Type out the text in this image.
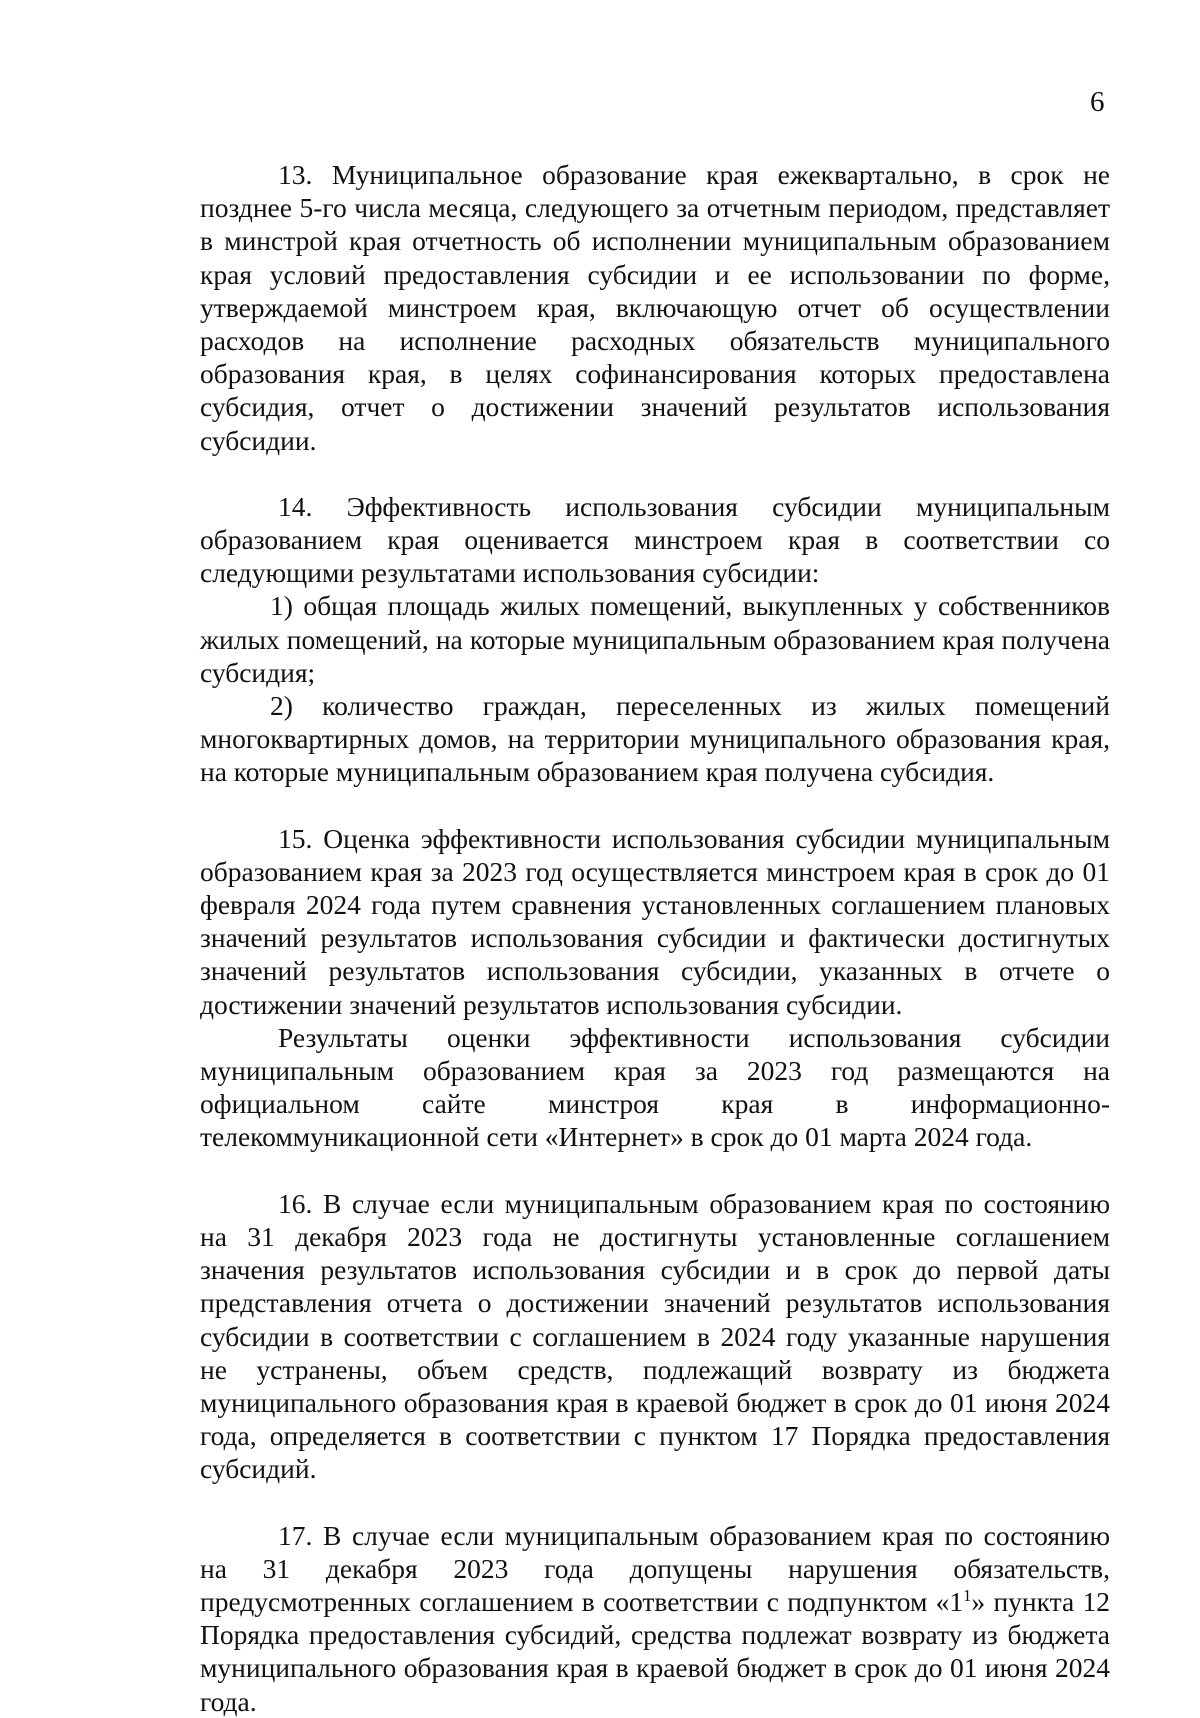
6

13. Муниципальное образование края ежеквартально, в срок не позднее 5-го числа месяца, следующего за отчетным периодом, представляет в минстрой края отчетность об исполнении муниципальным образованием края условий предоставления субсидии и ее использовании по форме, утверждаемой минстроем края, включающую отчет об осуществлении расходов на исполнение расходных обязательств муниципального образования края, в целях софинансирования которых предоставлена субсидия, отчет о достижении значений результатов использования субсидии.

14. Эффективность использования субсидии муниципальным образованием края оценивается минстроем края в соответствии со следующими результатами использования субсидии:

1) общая площадь жилых помещений, выкупленных у собственников жилых помещений, на которые муниципальным образованием края получена субсидия;

2) количество граждан, переселенных из жилых помещений многоквартирных домов, на территории муниципального образования края, на которые муниципальным образованием края получена субсидия.

15. Оценка эффективности использования субсидии муниципальным образованием края за 2023 год осуществляется минстроем края в срок до 01 февраля 2024 года путем сравнения установленных соглашением плановых значений результатов использования субсидии и фактически достигнутых значений результатов использования субсидии, указанных в отчете о достижении значений результатов использования субсидии.

Результаты оценки эффективности использования субсидии муниципальным образованием края за 2023 год размещаются на официальном сайте минстроя края в информационно-телекоммуникационной сети «Интернет» в срок до 01 марта 2024 года.

16. В случае если муниципальным образованием края по состоянию на 31 декабря 2023 года не достигнуты установленные соглашением значения результатов использования субсидии и в срок до первой даты представления отчета о достижении значений результатов использования субсидии в соответствии с соглашением в 2024 году указанные нарушения не устранены, объем средств, подлежащий возврату из бюджета муниципального образования края в краевой бюджет в срок до 01 июня 2024 года, определяется в соответствии с пунктом 17 Порядка предоставления субсидий.

17. В случае если муниципальным образованием края по состоянию на 31 декабря 2023 года допущены нарушения обязательств, предусмотренных соглашением в соответствии с подпунктом «$1^1$» пункта 12 Порядка предоставления субсидий, средства подлежат возврату из бюджета муниципального образования края в краевой бюджет в срок до 01 июня 2024 года.
